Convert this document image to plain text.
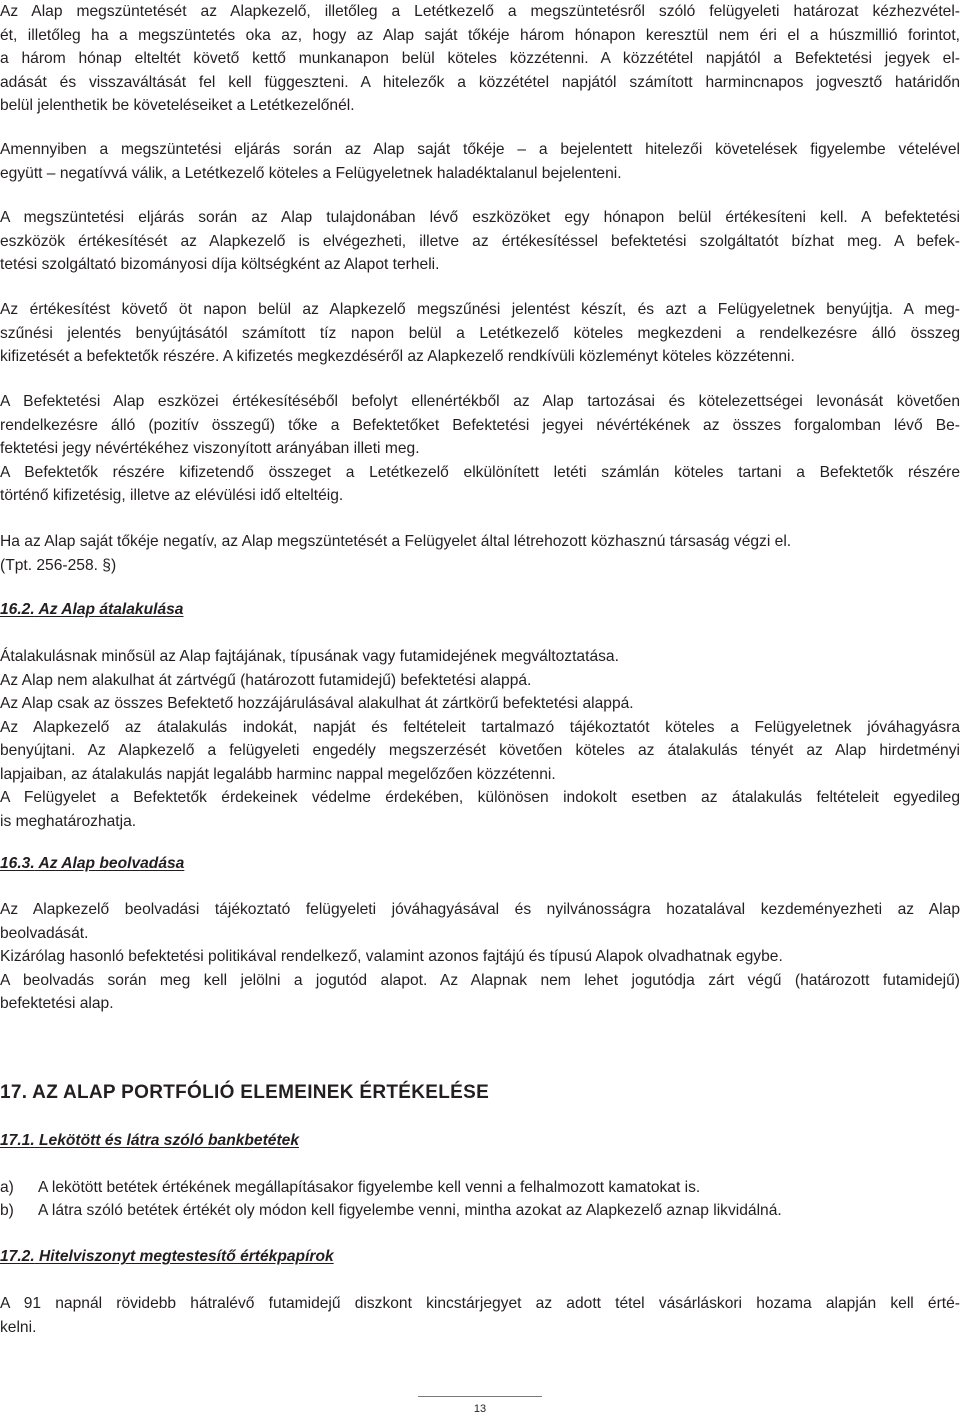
Az Alap megszüntetését az Alapkezelő, illetőleg a Letétkezelő a megszüntetésről szóló felügyeleti határozat kézhezvétel-
ét, illetőleg ha a megszüntetés oka az, hogy az Alap saját tőkéje három hónapon keresztül nem éri el a húszmillió forintot,
a három hónap elteltét követő kettő munkanapon belül köteles közzétenni. A közzététel napjától a Befektetési jegyek el-
adását és visszaváltását fel kell függeszteni. A hitelezők a közzététel napjától számított harmincnapos jogvesztő határidőn
belül jelenthetik be követeléseiket a Letétkezelőnél.
Amennyiben a megszüntetési eljárás során az Alap saját tőkéje – a bejelentett hitelezői követelések figyelembe vételével
együtt – negatívvá válik, a Letétkezelő köteles a Felügyeletnek haladéktalanul bejelenteni.
A megszüntetési eljárás során az Alap tulajdonában lévő eszközöket egy hónapon belül értékesíteni kell. A befektetési
eszközök értékesítését az Alapkezelő is elvégezheti, illetve az értékesítéssel befektetési szolgáltatót bízhat meg. A befek-
tetési szolgáltató bizományosi díja költségként az Alapot terheli.
Az értékesítést követő öt napon belül az Alapkezelő megszűnési jelentést készít, és azt a Felügyeletnek benyújtja. A meg-
szűnési jelentés benyújtásától számított tíz napon belül a Letétkezelő köteles megkezdeni a rendelkezésre álló összeg
kifizetését a befektetők részére. A kifizetés megkezdéséről az Alapkezelő rendkívüli közleményt köteles közzétenni.
A Befektetési Alap eszközei értékesítéséből befolyt ellenértékből az Alap tartozásai és kötelezettségei levonását követően
rendelkezésre álló (pozitív összegű) tőke a Befektetőket Befektetési jegyei névértékének az összes forgalomban lévő Be-
fektetési jegy névértékéhez viszonyított arányában illeti meg.
A Befektetők részére kifizetendő összeget a Letétkezelő elkülönített letéti számlán köteles tartani a Befektetők részére
történő kifizetésig, illetve az elévülési idő elteltéig.
Ha az Alap saját tőkéje negatív, az Alap megszüntetését a Felügyelet által létrehozott közhasznú társaság végzi el.
(Tpt. 256-258. §)
16.2. Az Alap átalakulása
Átalakulásnak minősül az Alap fajtájának, típusának vagy futamidejének megváltoztatása.
Az Alap nem alakulhat át zártvégű (határozott futamidejű) befektetési alappá.
Az Alap csak az összes Befektető hozzájárulásával alakulhat át zártkörű befektetési alappá.
Az Alapkezelő az átalakulás indokát, napját és feltételeit tartalmazó tájékoztatót köteles a Felügyeletnek jóváhagyásra
benyújtani. Az Alapkezelő a felügyeleti engedély megszerzését követően köteles az átalakulás tényét az Alap hirdetményi
lapjaiban, az átalakulás napját legalább harminc nappal megelőzően közzétenni.
A Felügyelet a Befektetők érdekeinek védelme érdekében, különösen indokolt esetben az átalakulás feltételeit egyedileg
is meghatározhatja.
16.3. Az Alap beolvadása
Az Alapkezelő beolvadási tájékoztató felügyeleti jóváhagyásával és nyilvánosságra hozatalával kezdeményezheti az Alap
beolvadását.
Kizárólag hasonló befektetési politikával rendelkező, valamint azonos fajtájú és típusú Alapok olvadhatnak egybe.
A beolvadás során meg kell jelölni a jogutód alapot. Az Alapnak nem lehet jogutódja zárt végű (határozott futamidejű)
befektetési alap.
17. AZ ALAP PORTFÓLIÓ ELEMEINEK ÉRTÉKELÉSE
17.1. Lekötött és látra szóló bankbetétek
a) A lekötött betétek értékének megállapításakor figyelembe kell venni a felhalmozott kamatokat is.
b) A látra szóló betétek értékét oly módon kell figyelembe venni, mintha azokat az Alapkezelő aznap likvidálná.
17.2. Hitelviszonyt megtestesítő értékpapírok
A 91 napnál rövidebb hátralévő futamidejű diszkont kincstárjegyet az adott tétel vásárláskori hozama alapján kell érté-
kelni.
13
